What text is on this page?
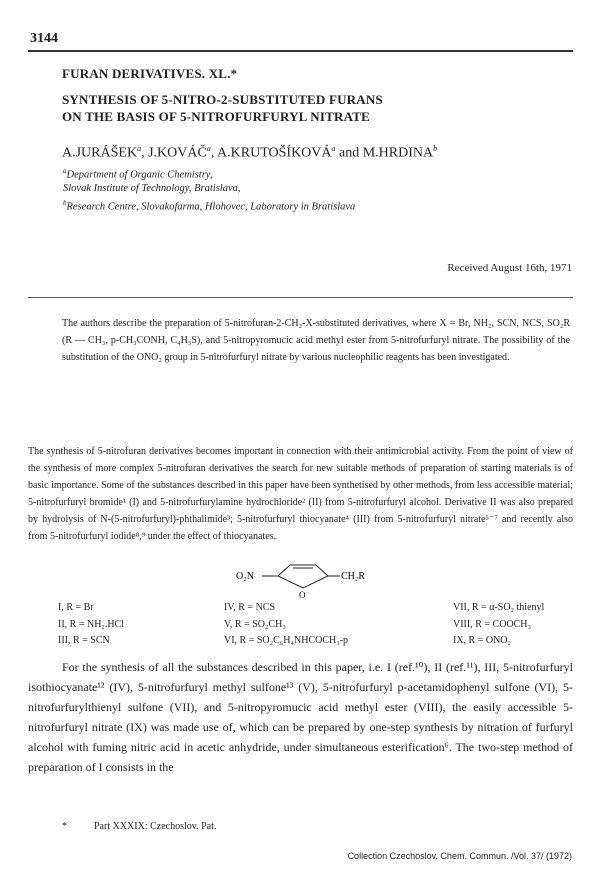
3144
FURAN DERIVATIVES. XL.*
SYNTHESIS OF 5-NITRO-2-SUBSTITUTED FURANS
ON THE BASIS OF 5-NITROFURFURYL NITRATE
A.JURÁŠEK$^a$, J.KOVÁČ$^a$, A.KRUTOŠÍKOVÁ$^a$ and M.HRDINA$^b$
$^a$Department of Organic Chemistry,
Slovak Institute of Technology, Bratislava,
$^b$Research Centre, Slovakofarma, Hlohovec, Laboratory in Bratislava
Received August 16th, 1971

The authors describe the preparation of 5-nitrofuran-2-CH₂-X-substituted derivatives, where X = Br, NH₂, SCN, NCS, SO₂R (R — CH₃, p-CH₃CONH, C₄H₃S), and 5-nitropyromucic acid methyl ester from 5-nitrofurfuryl nitrate. The possibility of the substitution of the ONO₂ group in 5-nitrofurfuryl nitrate by various nucleophilic reagents has been investigated.

The synthesis of 5-nitrofuran derivatives becomes important in connection with their antimicrobial activity. From the point of view of the synthesis of more complex 5-nitrofuran derivatives the search for new suitable methods of preparation of starting materials is of basic importance. Some of the substances described in this paper have been synthetised by other methods, from less accessible material; 5-nitrofurfuryl bromide¹ (I) and 5-nitrofurfurylamine hydrochloride² (II) from 5-nitrofurfuryl alcohol. Derivative II was also prepared by hydrolysis of N-(5-nitrofurfuryl)-phthalimide³; 5-nitrofurfuryl thiocyanate⁴ (III) from 5-nitrofurfuryl nitrate⁵⁻⁷ and recently also from 5-nitrofurfuryl iodide⁸,⁹ under the effect of thiocyanates.

O₂N
O
CH₂R
I, R = Br
II, R = NH₂.HCl
III, R = SCN
IV, R = NCS
V, R = SO₂CH₃
VI, R = SO₂C₆H₄NHCOCH₃-p
VII, R = α-SO₂ thienyl
VIII, R = COOCH₃
IX, R = ONO₂

For the synthesis of all the substances described in this paper, i.e. I (ref.¹⁰), II (ref.¹¹), III, 5-nitrofurfuryl isothiocyanate¹² (IV), 5-nitrofurfuryl methyl sulfone¹³ (V), 5-nitrofurfuryl p-acetamidophenyl sulfone (VI), 5-nitrofurfurylthienyl sulfone (VII), and 5-nitropyromucic acid methyl ester (VIII), the easily accessible 5-nitrofurfuryl nitrate (IX) was made use of, which can be prepared by one-step synthesis by nitration of furfuryl alcohol with fuming nitric acid in acetic anhydride, under simultaneous esterification⁶. The two-step method of preparation of I consists in the

*	Part XXXIX: Czechoslov. Pat.
Collection Czechoslov. Chem. Commun. /Vol. 37/ (1972)
